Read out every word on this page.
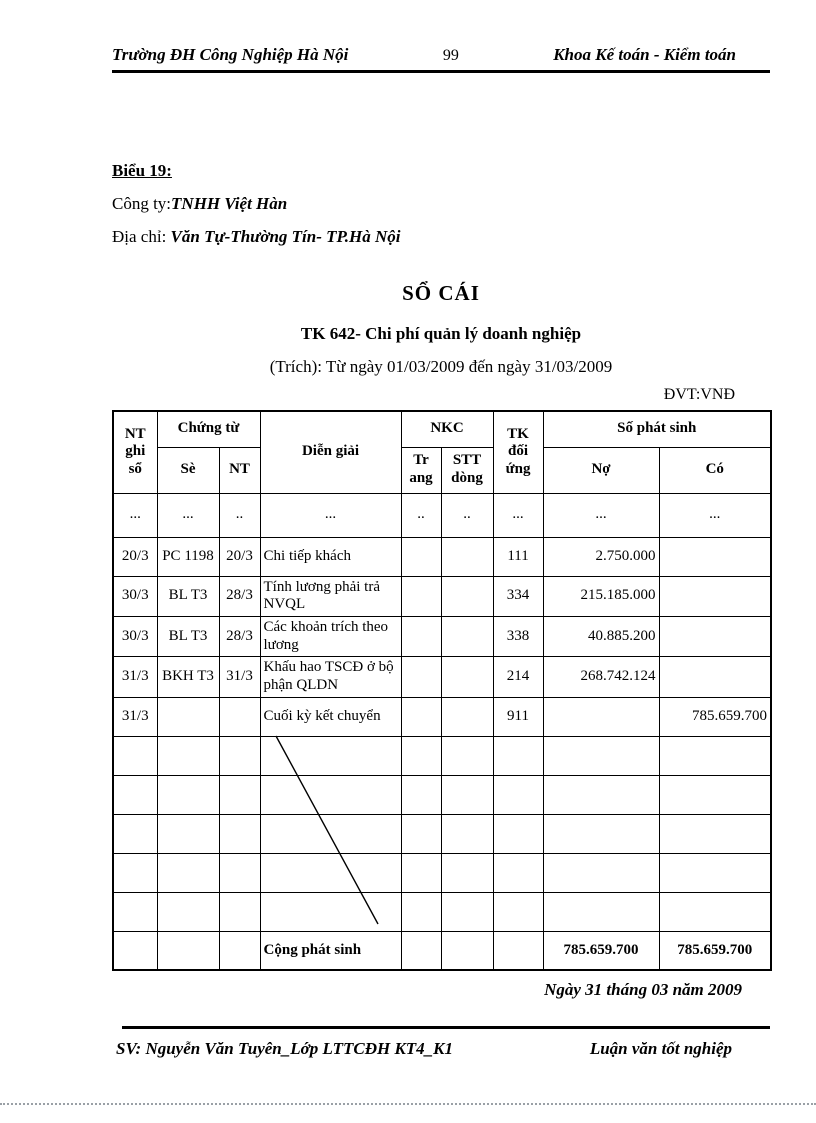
Trường ĐH Công Nghiệp Hà Nội	99	Khoa Kế toán - Kiểm toán
Biểu 19:
Công ty:TNHH Việt Hàn
Địa chỉ: Văn Tự-Thường Tín- TP.Hà Nội
SỔ CÁI
TK 642- Chi phí quản lý doanh nghiệp
(Trích): Từ ngày 01/03/2009 đến ngày 31/03/2009
ĐVT:VNĐ
NT ghi sổ	Chứng từ		Diễn giải	NKC		TK đối ứng	Số phát sinh	
	Sè	NT		Tr ang	STT dòng		Nợ	Có
...	...	..	...	..	..	...	...	...
20/3	PC 1198	20/3	Chi tiếp khách			111	2.750.000	
30/3	BL T3	28/3	Tính lương phải trả NVQL			334	215.185.000	
30/3	BL T3	28/3	Các khoản trích theo lương			338	40.885.200	
31/3	BKH T3	31/3	Khấu hao TSCĐ ở bộ phận QLDN			214	268.742.124	
31/3			Cuối kỳ kết chuyển			911		785.659.700

			Cộng phát sinh				785.659.700	785.659.700
Ngày 31 tháng 03 năm 2009
SV: Nguyễn Văn Tuyên_Lớp LTTCĐH KT4_K1	Luận văn tốt nghiệp
